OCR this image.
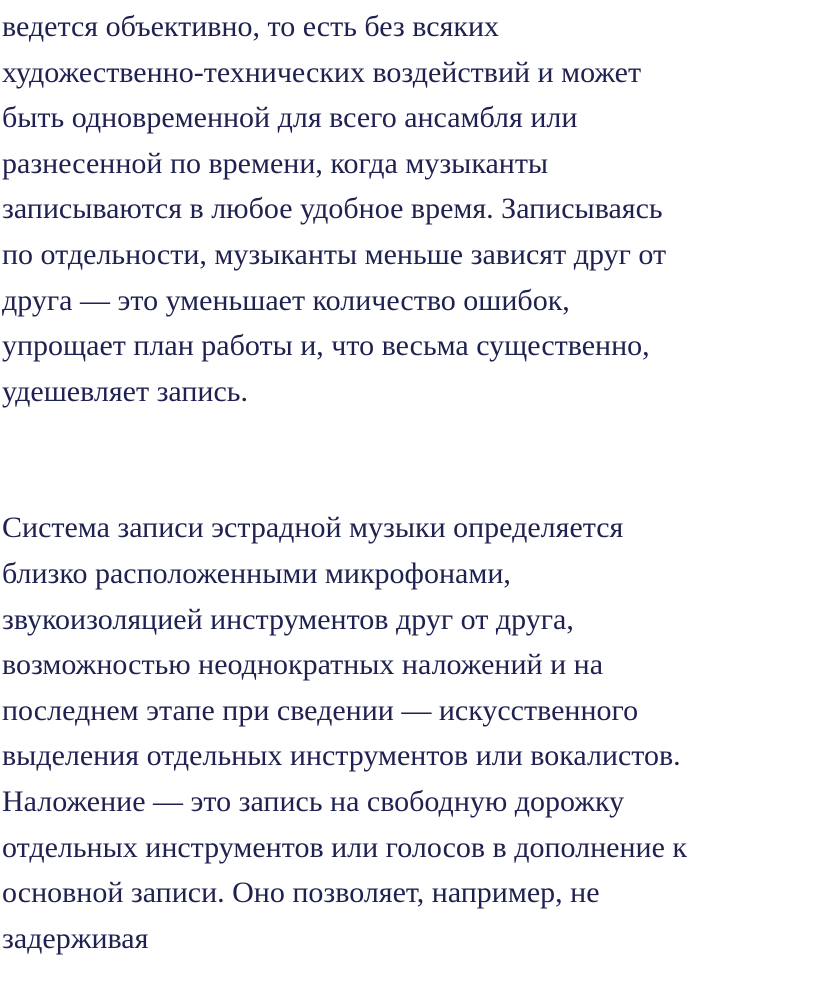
ведется объективно, то есть без всяких
художественно-технических воздействий и может
быть одновременной для всего ансамбля или
разнесенной по времени, когда музыканты
записываются в любое удобное время. Записываясь
по отдельности, музыканты меньше зависят друг от
друга — это уменьшает количество ошибок,
упрощает план работы и, что весьма существенно,
удешевляет запись.

Система записи эстрадной музыки определяется
близко расположенными микрофонами,
звукоизоляцией инструментов друг от друга,
возможностью неоднократных наложений и на
последнем этапе при сведении — искусственного
выделения отдельных инструментов или вокалистов.
Наложение — это запись на свободную дорожку
отдельных инструментов или голосов в дополнение к
основной записи. Оно позволяет, например, не
задерживая
